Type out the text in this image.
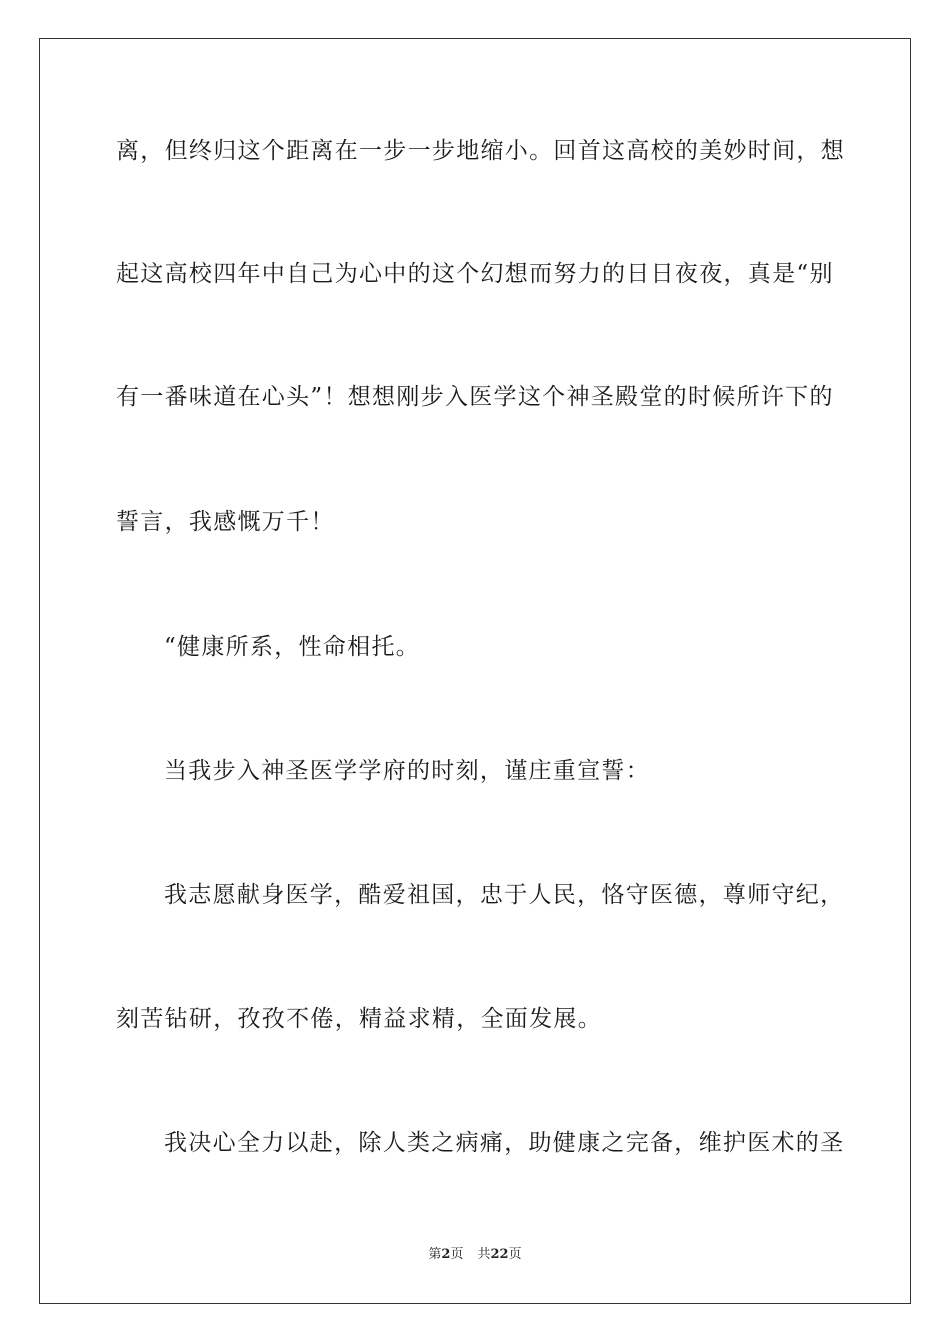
离，但终归这个距离在一步一步地缩小。回首这高校的美妙时间，想
起这高校四年中自己为心中的这个幻想而努力的日日夜夜，真是“别
有一番味道在心头”！想想刚步入医学这个神圣殿堂的时候所许下的
誓言，我感慨万千！
“健康所系，性命相托。
当我步入神圣医学学府的时刻，谨庄重宣誓：
我志愿献身医学，酷爱祖国，忠于人民，恪守医德，尊师守纪，
刻苦钻研，孜孜不倦，精益求精，全面发展。
我决心全力以赴，除人类之病痛，助健康之完备，维护医术的圣
第2页 共22页
